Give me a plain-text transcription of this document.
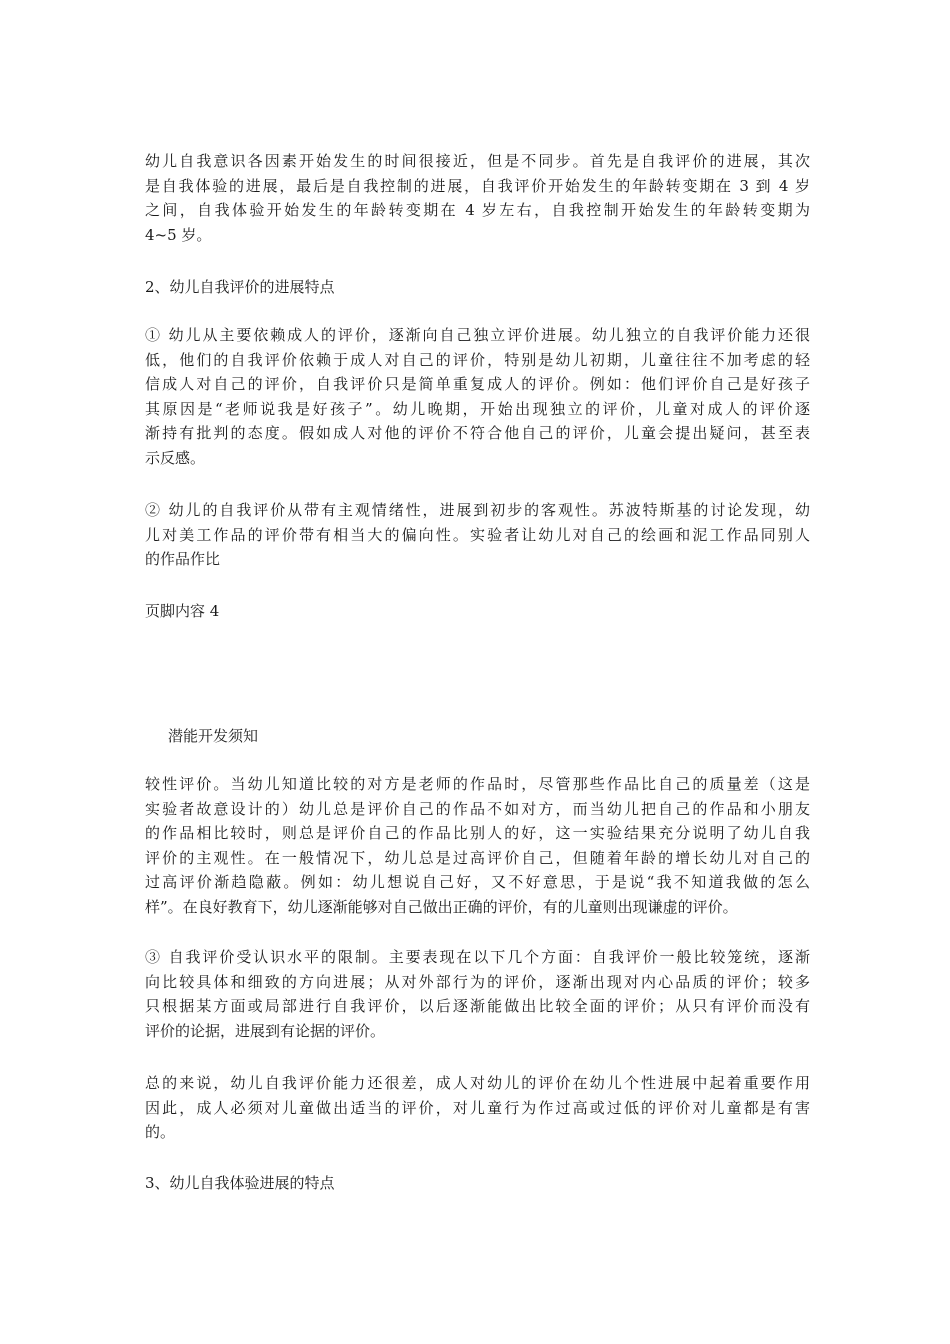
幼儿自我意识各因素开始发生的时间很接近，但是不同步。首先是自我评价的进展，其次
是自我体验的进展，最后是自我控制的进展，自我评价开始发生的年龄转变期在 3 到 4 岁
之间，自我体验开始发生的年龄转变期在 4 岁左右，自我控制开始发生的年龄转变期为
4~5 岁。

2、幼儿自我评价的进展特点

① 幼儿从主要依赖成人的评价，逐渐向自己独立评价进展。幼儿独立的自我评价能力还很
低，他们的自我评价依赖于成人对自己的评价，特别是幼儿初期，儿童往往不加考虑的轻
信成人对自己的评价，自我评价只是简单重复成人的评价。例如：他们评价自己是好孩子
其原因是“老师说我是好孩子”。幼儿晚期，开始出现独立的评价，儿童对成人的评价逐
渐持有批判的态度。假如成人对他的评价不符合他自己的评价，儿童会提出疑问，甚至表
示反感。

② 幼儿的自我评价从带有主观情绪性，进展到初步的客观性。苏波特斯基的讨论发现，幼
儿对美工作品的评价带有相当大的偏向性。实验者让幼儿对自己的绘画和泥工作品同别人
的作品作比

页脚内容 4

潜能开发须知

较性评价。当幼儿知道比较的对方是老师的作品时，尽管那些作品比自己的质量差（这是
实验者故意设计的）幼儿总是评价自己的作品不如对方，而当幼儿把自己的作品和小朋友
的作品相比较时，则总是评价自己的作品比别人的好，这一实验结果充分说明了幼儿自我
评价的主观性。在一般情况下，幼儿总是过高评价自己，但随着年龄的增长幼儿对自己的
过高评价渐趋隐蔽。例如：幼儿想说自己好，又不好意思，于是说“我不知道我做的怎么
样”。在良好教育下，幼儿逐渐能够对自己做出正确的评价，有的儿童则出现谦虚的评价。

③ 自我评价受认识水平的限制。主要表现在以下几个方面：自我评价一般比较笼统，逐渐
向比较具体和细致的方向进展；从对外部行为的评价，逐渐出现对内心品质的评价；较多
只根据某方面或局部进行自我评价，以后逐渐能做出比较全面的评价；从只有评价而没有
评价的论据，进展到有论据的评价。

总的来说，幼儿自我评价能力还很差，成人对幼儿的评价在幼儿个性进展中起着重要作用
因此，成人必须对儿童做出适当的评价，对儿童行为作过高或过低的评价对儿童都是有害
的。

3、幼儿自我体验进展的特点
